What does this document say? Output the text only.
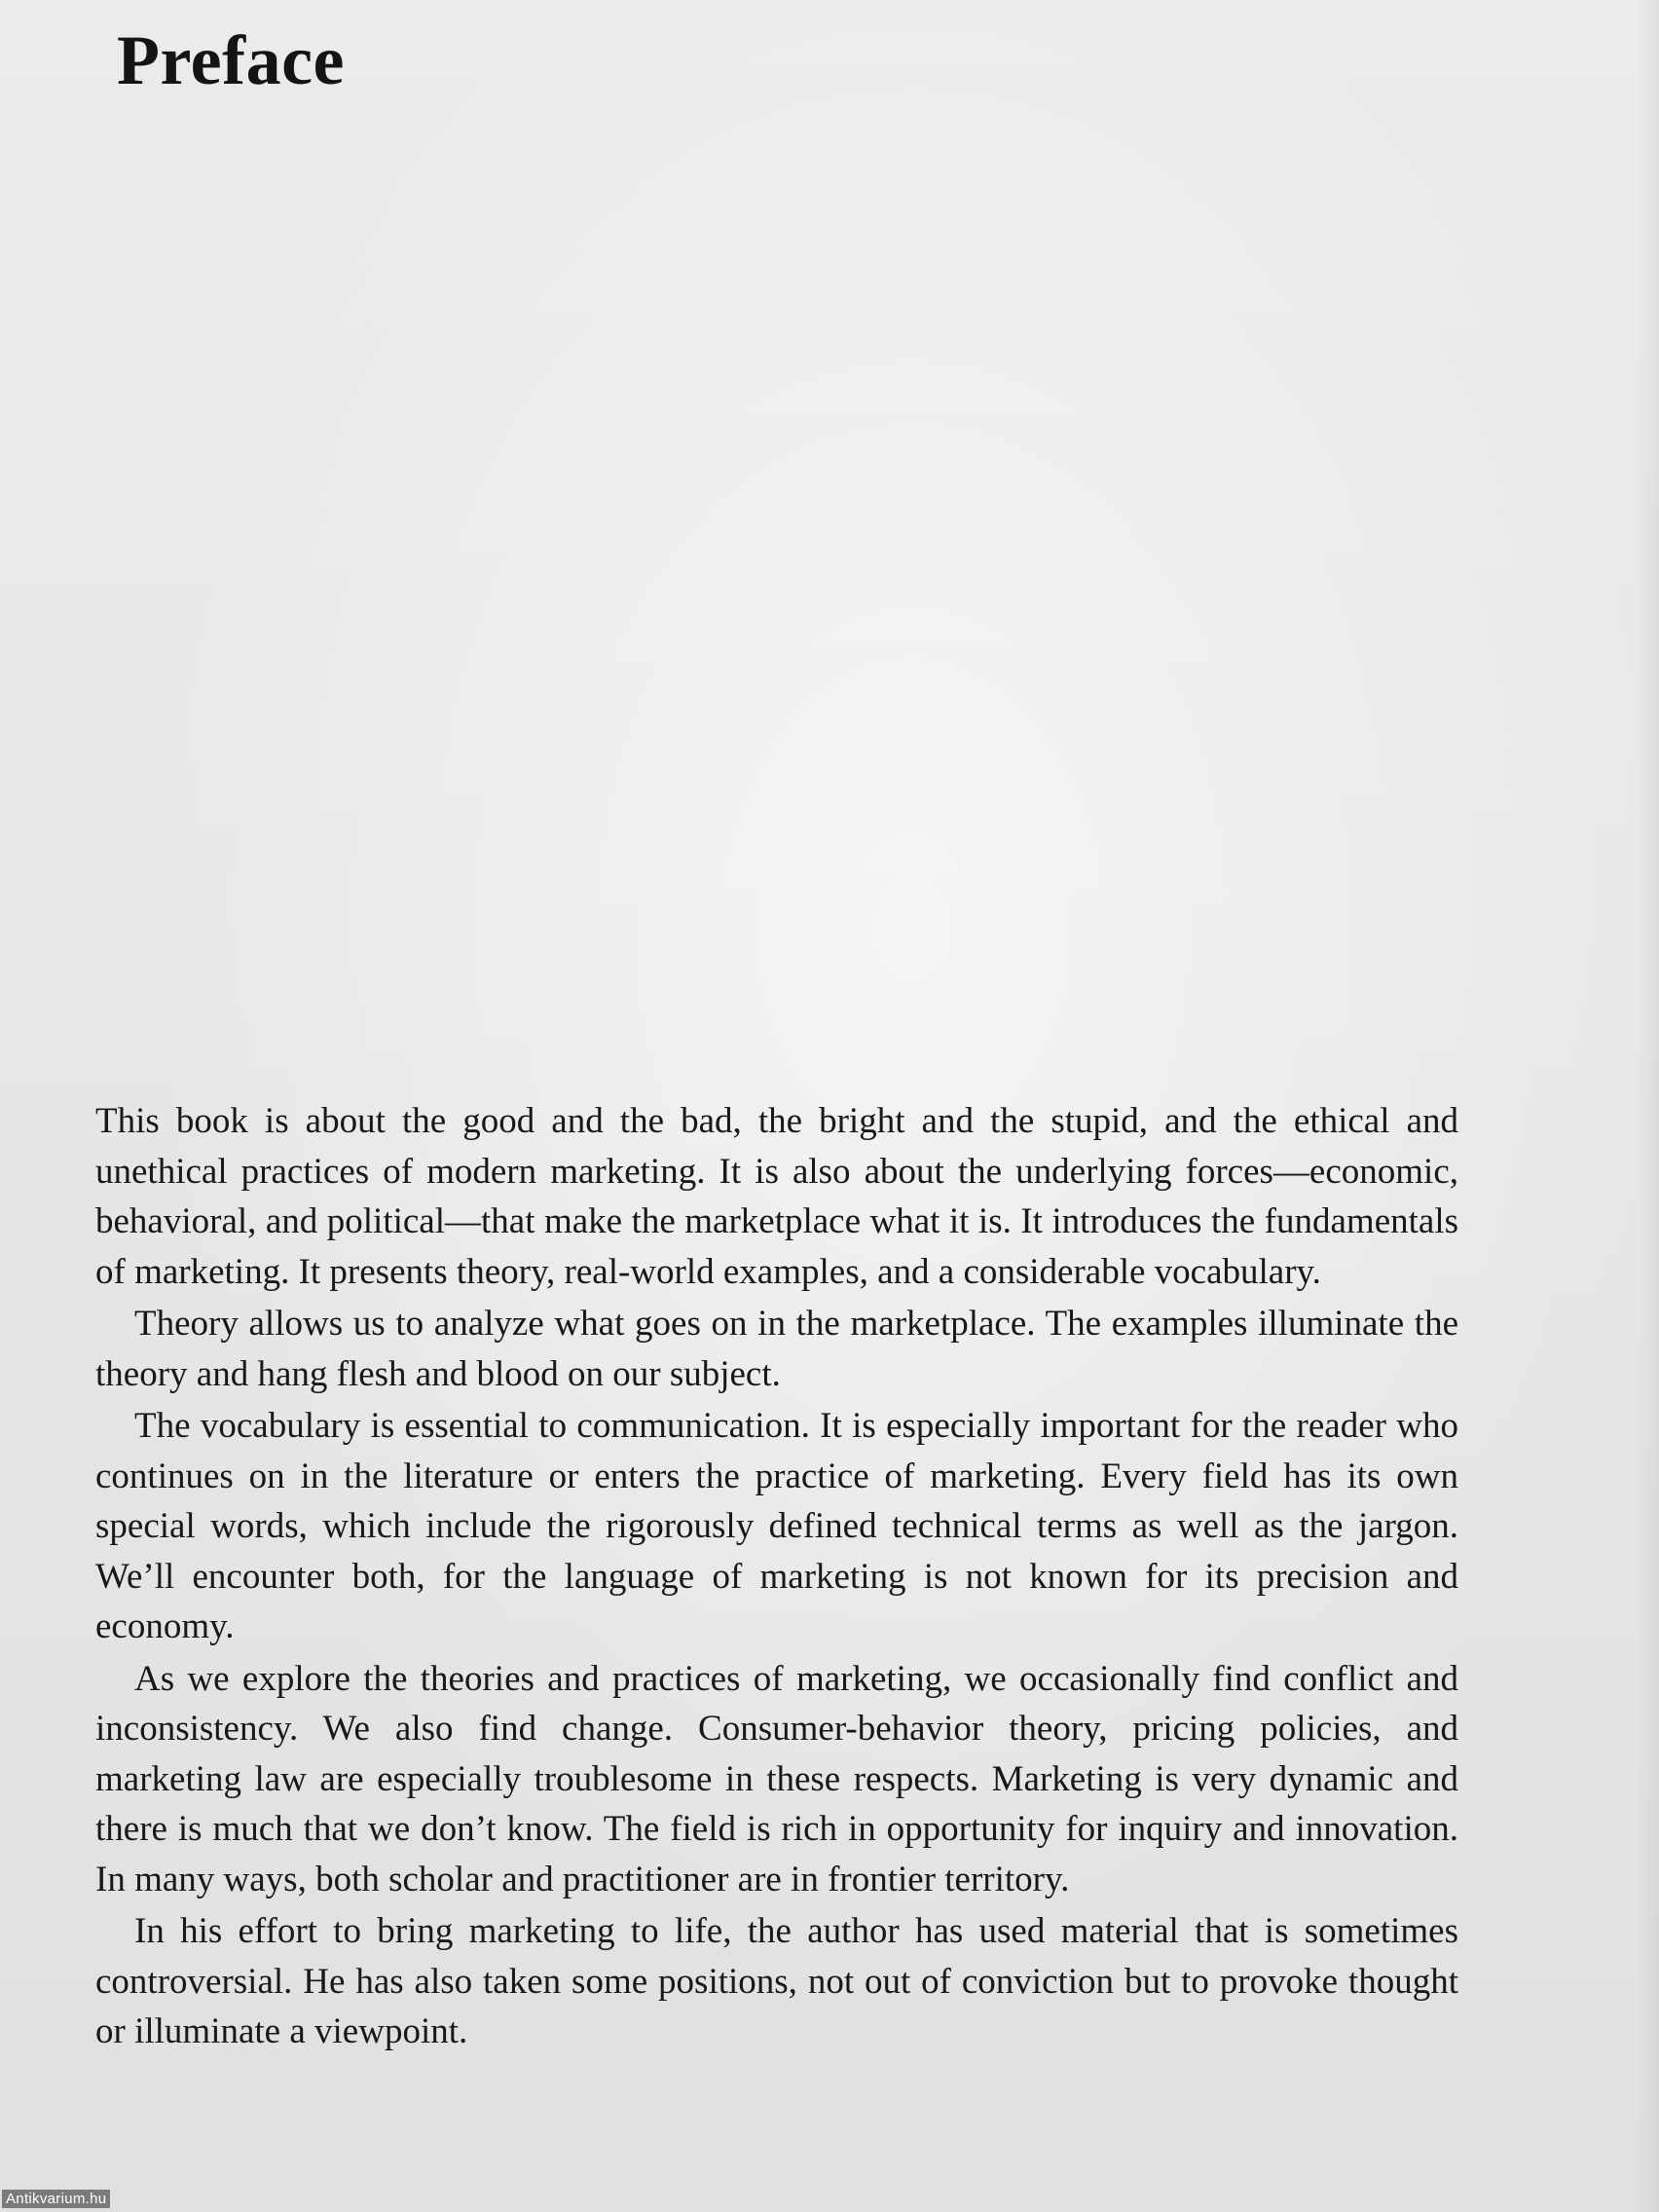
Preface

This book is about the good and the bad, the bright and the stupid, and the ethical and unethical practices of modern marketing. It is also about the underlying forces—economic, behavioral, and political—that make the marketplace what it is. It introduces the fundamentals of marketing. It presents theory, real-world examples, and a considerable vocabulary.

Theory allows us to analyze what goes on in the marketplace. The examples illuminate the theory and hang flesh and blood on our subject.

The vocabulary is essential to communication. It is especially important for the reader who continues on in the literature or enters the practice of marketing. Every field has its own special words, which include the rigorously defined technical terms as well as the jargon. We’ll encounter both, for the language of marketing is not known for its precision and economy.

As we explore the theories and practices of marketing, we occasionally find conflict and inconsistency. We also find change. Consumer-behavior theory, pricing policies, and marketing law are especially troublesome in these respects. Marketing is very dynamic and there is much that we don’t know. The field is rich in opportunity for inquiry and innovation. In many ways, both scholar and practitioner are in frontier territory.

In his effort to bring marketing to life, the author has used material that is sometimes controversial. He has also taken some positions, not out of conviction but to provoke thought or illuminate a viewpoint.

Antikvarium.hu
